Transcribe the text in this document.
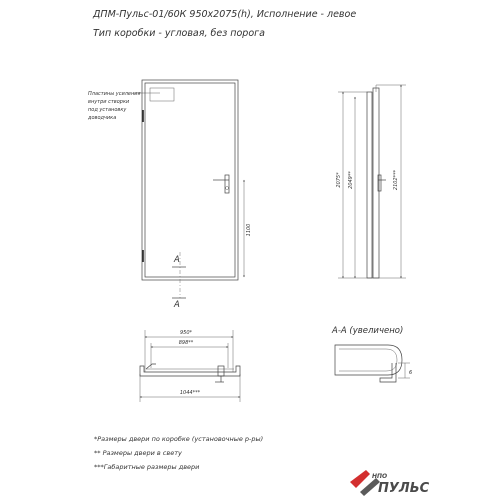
ДПМ-Пульс-01/60К 950х2075(h), Исполнение - левое
Тип коробки - угловая, без порога
Пластины усиления
внутри створки
под установку
доводчика
1100
A
A
2075* 2049**	2102***
950*
898**
1044***
А-А (увеличено)
6
*Размеры двери по коробке (установочные р-ры)
** Размеры двери в свету
***Габаритные размеры двери
НПО
ПУЛЬС
